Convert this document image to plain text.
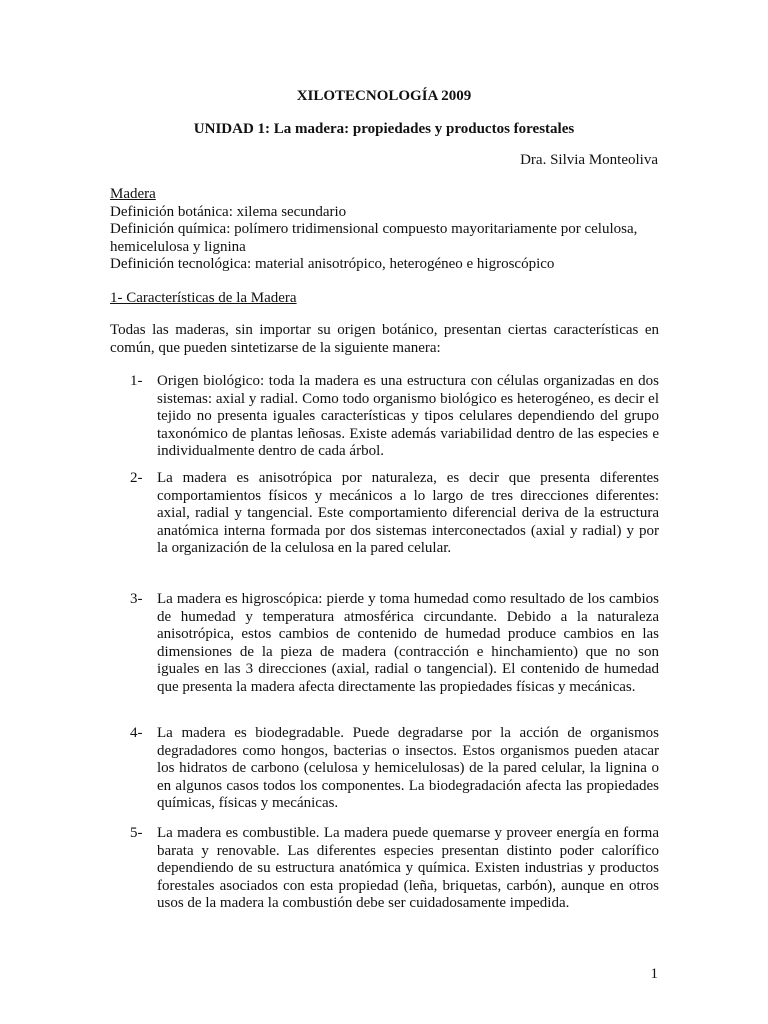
XILOTECNOLOGÍA 2009
UNIDAD 1: La madera: propiedades y productos forestales

Dra. Silvia Monteoliva

Madera

Definición botánica: xilema secundario

Definición química: polímero tridimensional compuesto mayoritariamente por celulosa, hemicelulosa y lignina

Definición tecnológica: material anisotrópico, heterogéneo e higroscópico

1- Características de la Madera

Todas las maderas, sin importar su origen botánico, presentan ciertas características en común, que pueden sintetizarse de la siguiente manera:

1- Origen biológico: toda la madera es una estructura con células organizadas en dos sistemas: axial y radial. Como todo organismo biológico es heterogéneo, es decir el tejido no presenta iguales características y tipos celulares dependiendo del grupo taxonómico de plantas leñosas. Existe además variabilidad dentro de las especies e individualmente dentro de cada árbol.
2- La madera es anisotrópica por naturaleza, es decir que presenta diferentes comportamientos físicos y mecánicos a lo largo de tres direcciones diferentes: axial, radial y tangencial. Este comportamiento diferencial deriva de la estructura anatómica interna formada por dos sistemas interconectados (axial y radial) y por la organización de la celulosa en la pared celular.
3- La madera es higroscópica: pierde y toma humedad como resultado de los cambios de humedad y temperatura atmosférica circundante. Debido a la naturaleza anisotrópica, estos cambios de contenido de humedad produce cambios en las dimensiones de la pieza de madera (contracción e hinchamiento) que no son iguales en las 3 direcciones (axial, radial o tangencial). El contenido de humedad que presenta la madera afecta directamente las propiedades físicas y mecánicas.
4- La madera es biodegradable. Puede degradarse por la acción de organismos degradadores como hongos, bacterias o insectos. Estos organismos pueden atacar los hidratos de carbono (celulosa y hemicelulosas) de la pared celular, la lignina o en algunos casos todos los componentes. La biodegradación afecta las propiedades químicas, físicas y mecánicas.
5- La madera es combustible. La madera puede quemarse y proveer energía en forma barata y renovable. Las diferentes especies presentan distinto poder calorífico dependiendo de su estructura anatómica y química. Existen industrias y productos forestales asociados con esta propiedad (leña, briquetas, carbón), aunque en otros usos de la madera la combustión debe ser cuidadosamente impedida.

1
